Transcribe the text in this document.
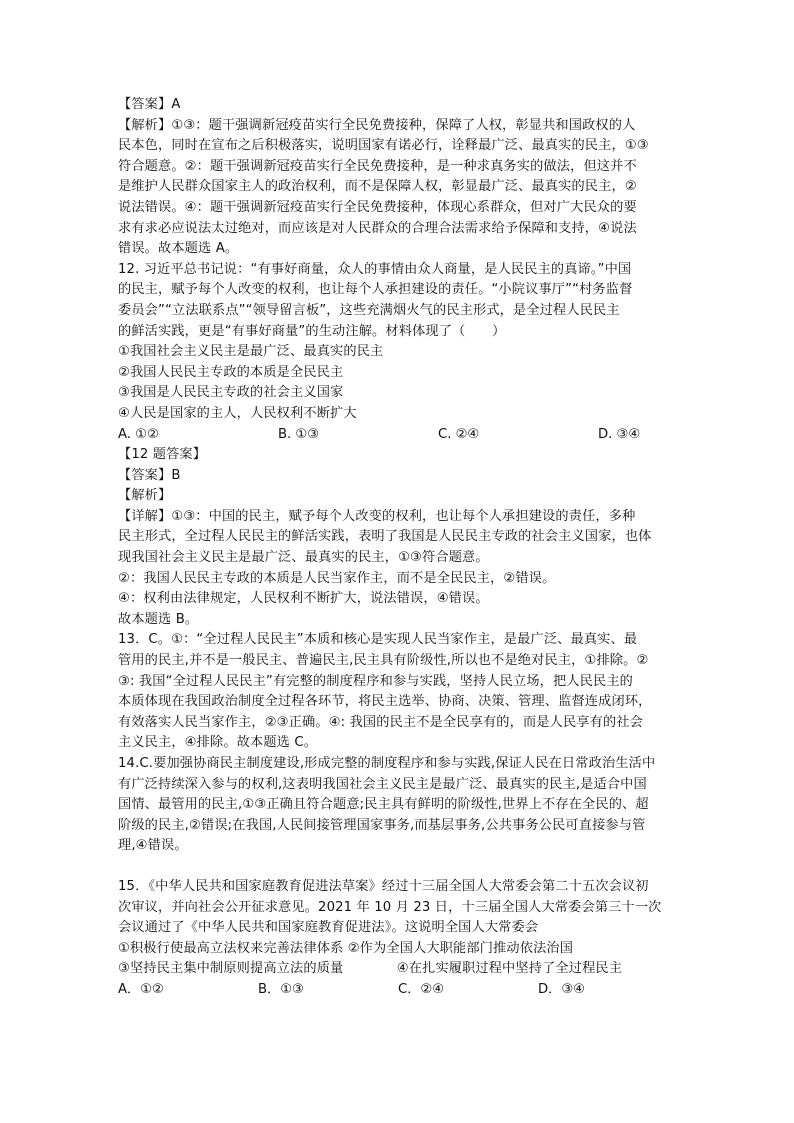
【答案】A
【解析】①③：题干强调新冠疫苗实行全民免费接种，保障了人权，彰显共和国政权的人
民本色，同时在宣布之后积极落实，说明国家有诺必行，诠释最广泛、最真实的民主，①③
符合题意。②：题干强调新冠疫苗实行全民免费接种，是一种求真务实的做法，但这并不
是维护人民群众国家主人的政治权利，而不是保障人权，彰显最广泛、最真实的民主，②
说法错误。④：题干强调新冠疫苗实行全民免费接种，体现心系群众，但对广大民众的要
求有求必应说法太过绝对，而应该是对人民群众的合理合法需求给予保障和支持，④说法
错误。故本题选 A。
12. 习近平总书记说：“有事好商量，众人的事情由众人商量，是人民民主的真谛。”中国
的民主，赋予每个人改变的权利，也让每个人承担建设的责任。“小院议事厅”“村务监督
委员会”“立法联系点”“领导留言板”，这些充满烟火气的民主形式，是全过程人民民主
的鲜活实践，更是“有事好商量”的生动注解。材料体现了（　　）
①我国社会主义民主是最广泛、最真实的民主
②我国人民民主专政的本质是全民民主
③我国是人民民主专政的社会主义国家
④人民是国家的主人，人民权利不断扩大
A. ①②	B. ①③	C. ②④	D. ③④
【12 题答案】
【答案】B
【解析】
【详解】①③：中国的民主，赋予每个人改变的权利，也让每个人承担建设的责任，多种
民主形式，全过程人民民主的鲜活实践，表明了我国是人民民主专政的社会主义国家，也体
现我国社会主义民主是最广泛、最真实的民主，①③符合题意。
②：我国人民民主专政的本质是人民当家作主，而不是全民民主，②错误。
④：权利由法律规定，人民权利不断扩大，说法错误，④错误。
故本题选 B。
13．C。①：“全过程人民民主”本质和核心是实现人民当家作主，是最广泛、最真实、最
管用的民主,并不是一般民主、普遍民主,民主具有阶级性,所以也不是绝对民主，①排除。②
③: 我国“全过程人民民主”有完整的制度程序和参与实践，坚持人民立场，把人民民主的
本质体现在我国政治制度全过程各环节，将民主选举、协商、决策、管理、监督连成闭环，
有效落实人民当家作主，②③正确。④: 我国的民主不是全民享有的，而是人民享有的社会
主义民主，④排除。故本题选 C。
14.C.要加强协商民主制度建设,形成完整的制度程序和参与实践,保证人民在日常政治生活中
有广泛持续深入参与的权利,这表明我国社会主义民主是最广泛、最真实的民主,是适合中国
国情、最管用的民主,①③正确且符合题意;民主具有鲜明的阶级性,世界上不存在全民的、超
阶级的民主,②错误;在我国,人民间接管理国家事务,而基层事务,公共事务公民可直接参与管
理,④错误。
15．《中华人民共和国家庭教育促进法草案》经过十三届全国人大常委会第二十五次会议初
次审议，并向社会公开征求意见。2021 年 10 月 23 日，十三届全国人大常委会第三十一次
会议通过了《中华人民共和国家庭教育促进法》。这说明全国人大常委会
①积极行使最高立法权来完善法律体系 ②作为全国人大职能部门推动依法治国
③坚持民主集中制原则提高立法的质量　　　　④在扎实履职过程中坚持了全过程民主
A．①②	B．①③	C．②④	D．③④
